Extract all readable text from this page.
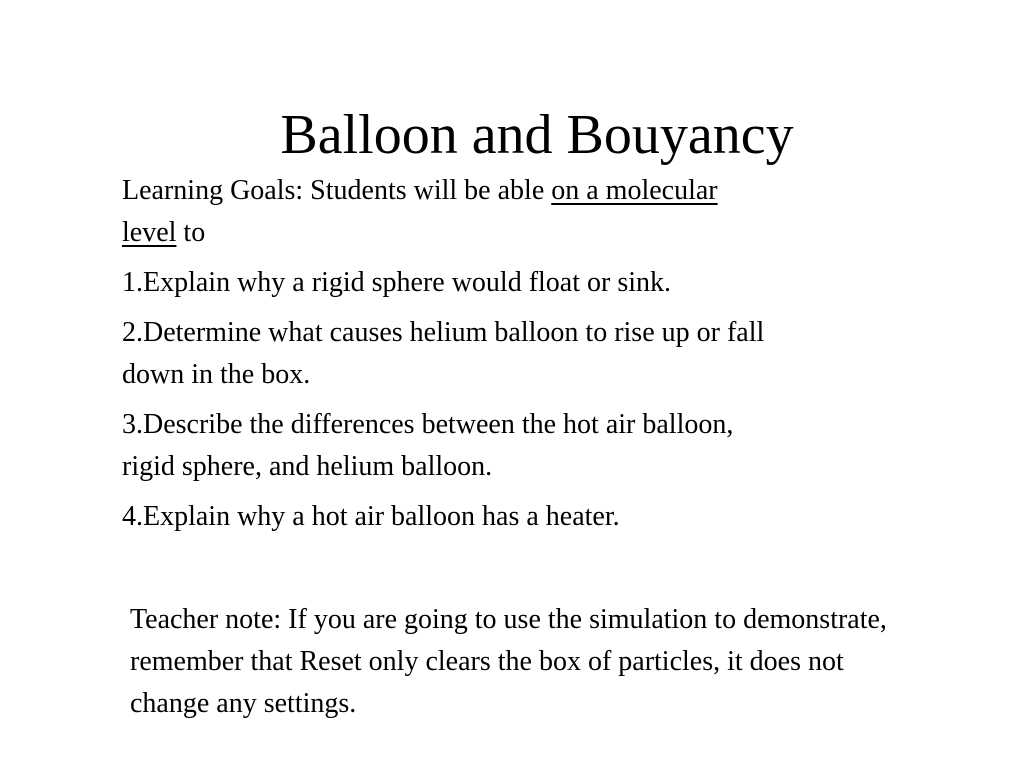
Balloon and Bouyancy

Learning Goals: Students will be able on a molecular level to

1.Explain why a rigid sphere would float or sink.

2.Determine what causes helium balloon to rise up or fall down in the box.

3.Describe the differences between the hot air balloon, rigid sphere, and helium balloon.

4.Explain why a hot air balloon has a heater.

Teacher note: If you are going to use the simulation to demonstrate, remember that Reset only clears the box of particles, it does not change any settings.
